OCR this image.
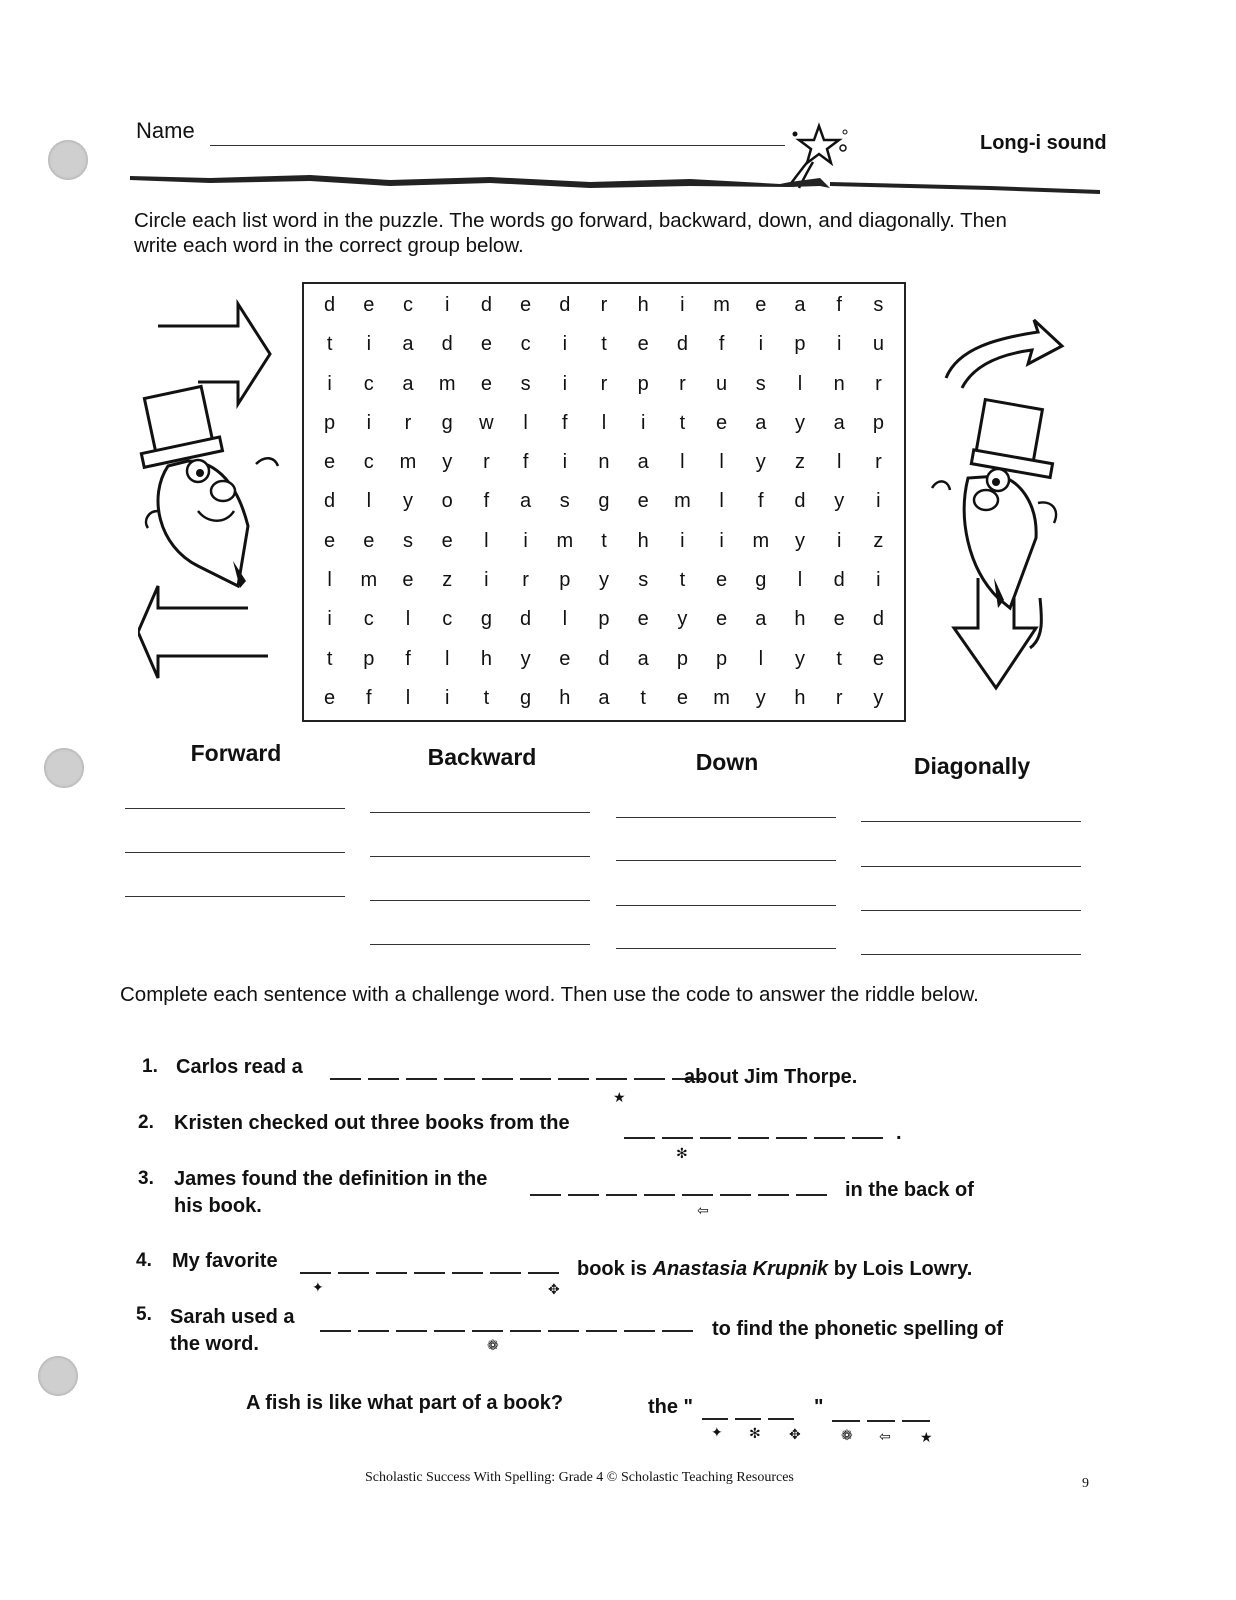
Name	Long-i sound
Circle each list word in the puzzle. The words go forward, backward, down, and diagonally. Then write each word in the correct group below.
d	e	c	i	d	e	d	r	h	i	m	e	a	f	s
t	i	a	d	e	c	i	t	e	d	f	i	p	i	u
i	c	a	m	e	s	i	r	p	r	u	s	l	n	r
p	i	r	g	w	l	f	l	i	t	e	a	y	a	p
e	c	m	y	r	f	i	n	a	l	l	y	z	l	r
d	l	y	o	f	a	s	g	e	m	l	f	d	y	i
e	e	s	e	l	i	m	t	h	i	i	m	y	i	z
l	m	e	z	i	r	p	y	s	t	e	g	l	d	i
i	c	l	c	g	d	l	p	e	y	e	a	h	e	d
t	p	f	l	h	y	e	d	a	p	p	l	y	t	e
e	f	l	i	t	g	h	a	t	e	m	y	h	r	y
Forward	Backward	Down	Diagonally
Complete each sentence with a challenge word. Then use the code to answer the riddle below.
1. Carlos read a
★
about Jim Thorpe.
2. Kristen checked out three books from the
✻
.
3. James found the definition in the
his book.	⇦
in the back of
4. My favorite
✦	✥
book is Anastasia Krupnik by Lois Lowry.
5. Sarah used a
the word.	❁
to find the phonetic spelling of
A fish is like what part of a book?	the "	"
✦ ✻ ✥	❁ ⇦ ★
Scholastic Success With Spelling: Grade 4 © Scholastic Teaching Resources	9
